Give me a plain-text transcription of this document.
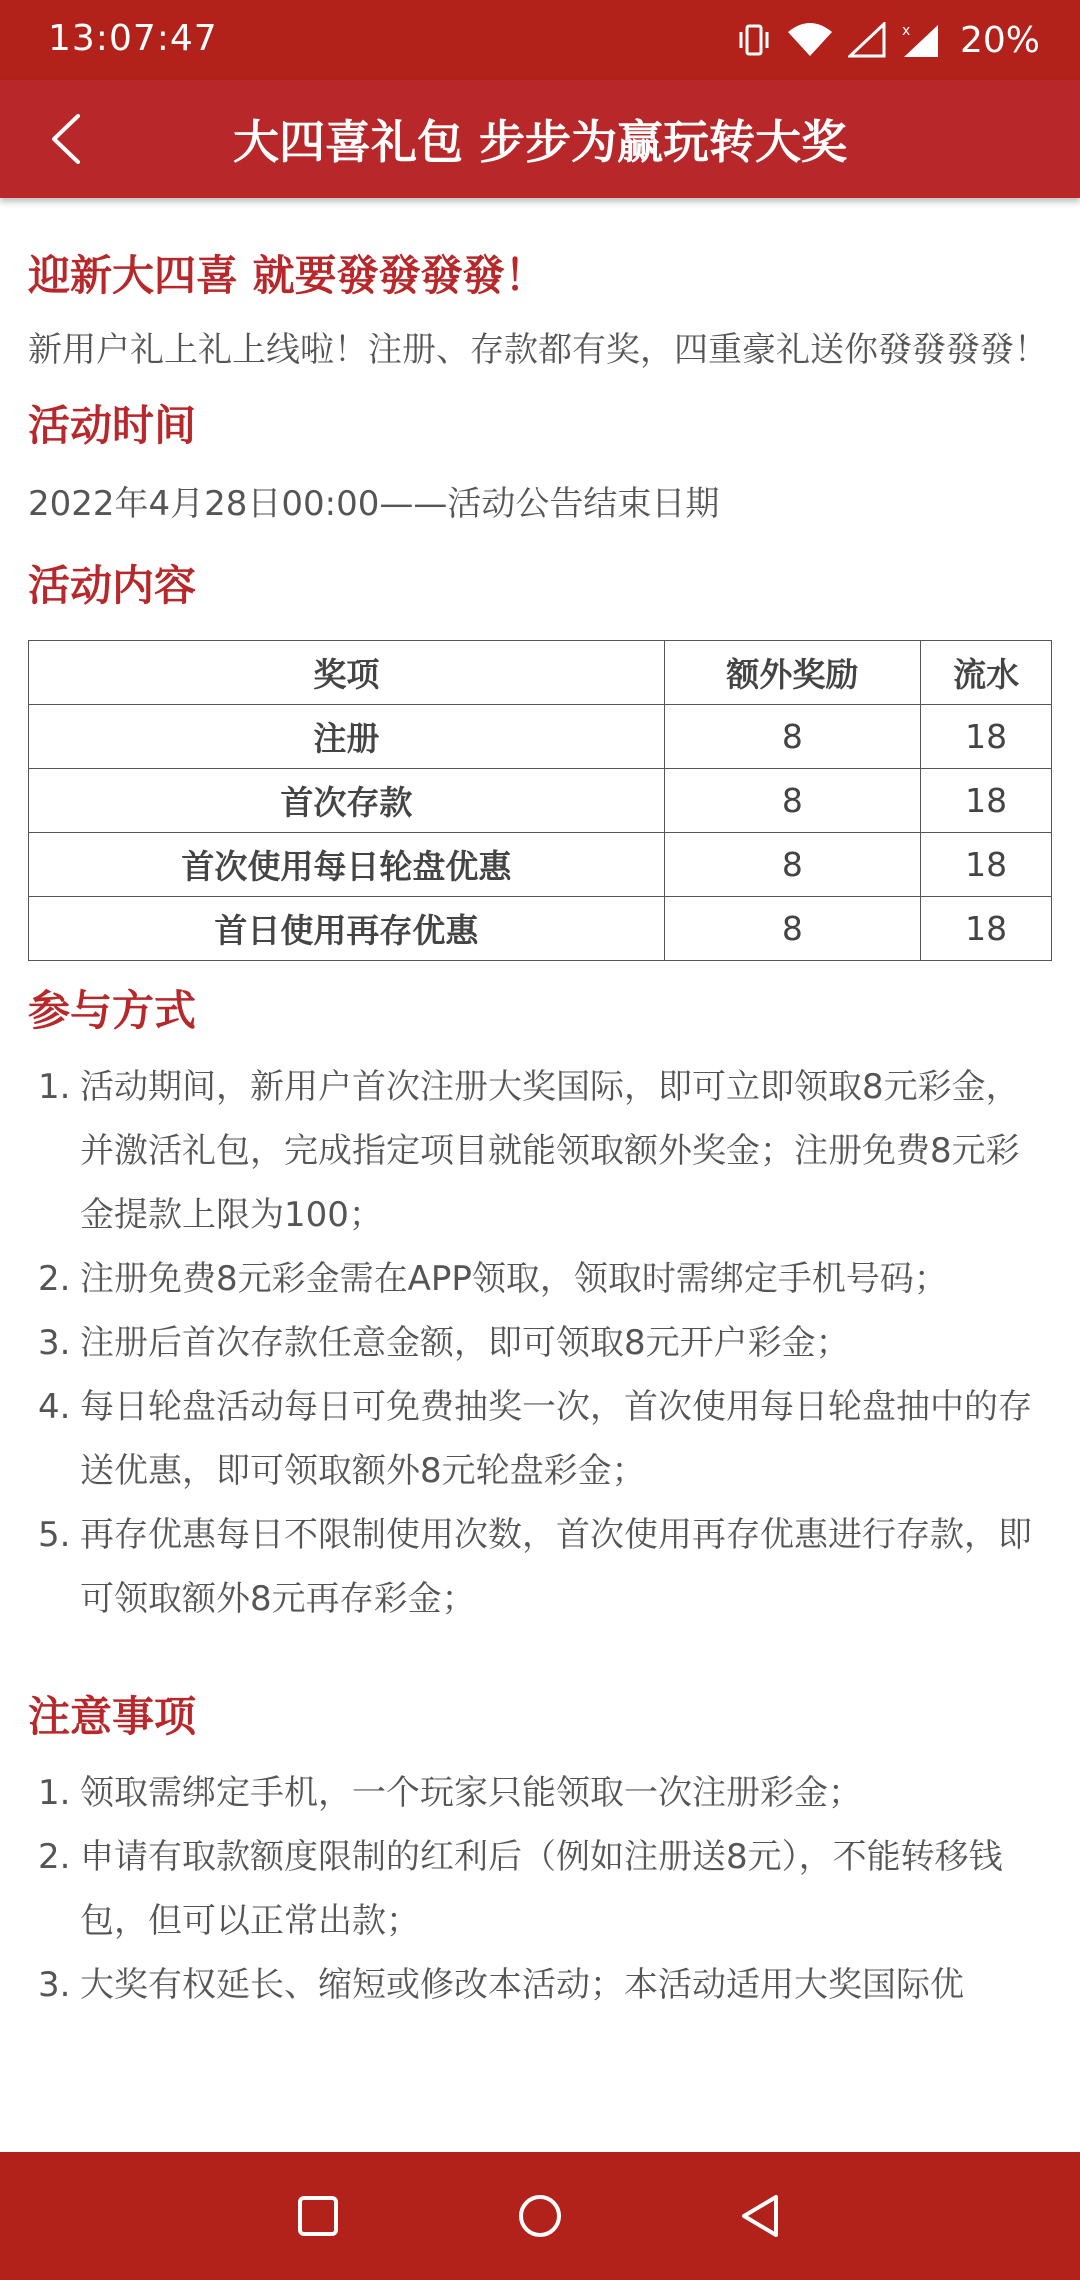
13:07:47	x 20%
大四喜礼包 步步为赢玩转大奖
迎新大四喜 就要發發發發！

新用户礼上礼上线啦！注册、存款都有奖，四重豪礼送你發發發發！

活动时间

2022年4月28日00:00——活动公告结束日期

活动内容
奖项	额外奖励	流水
注册	8	18
首次存款	8	18
首次使用每日轮盘优惠	8	18
首日使用再存优惠	8	18
参与方式
1. 活动期间，新用户首次注册大奖国际，即可立即领取8元彩金，并激活礼包，完成指定项目就能领取额外奖金；注册免费8元彩金提款上限为100；
2. 注册免费8元彩金需在APP领取，领取时需绑定手机号码；
3. 注册后首次存款任意金额，即可领取8元开户彩金；
4. 每日轮盘活动每日可免费抽奖一次，首次使用每日轮盘抽中的存送优惠，即可领取额外8元轮盘彩金；
5. 再存优惠每日不限制使用次数，首次使用再存优惠进行存款，即可领取额外8元再存彩金；
注意事项
1. 领取需绑定手机，一个玩家只能领取一次注册彩金；
2. 申请有取款额度限制的红利后（例如注册送8元），不能转移钱包，但可以正常出款；
3. 大奖有权延长、缩短或修改本活动；本活动适用大奖国际优
